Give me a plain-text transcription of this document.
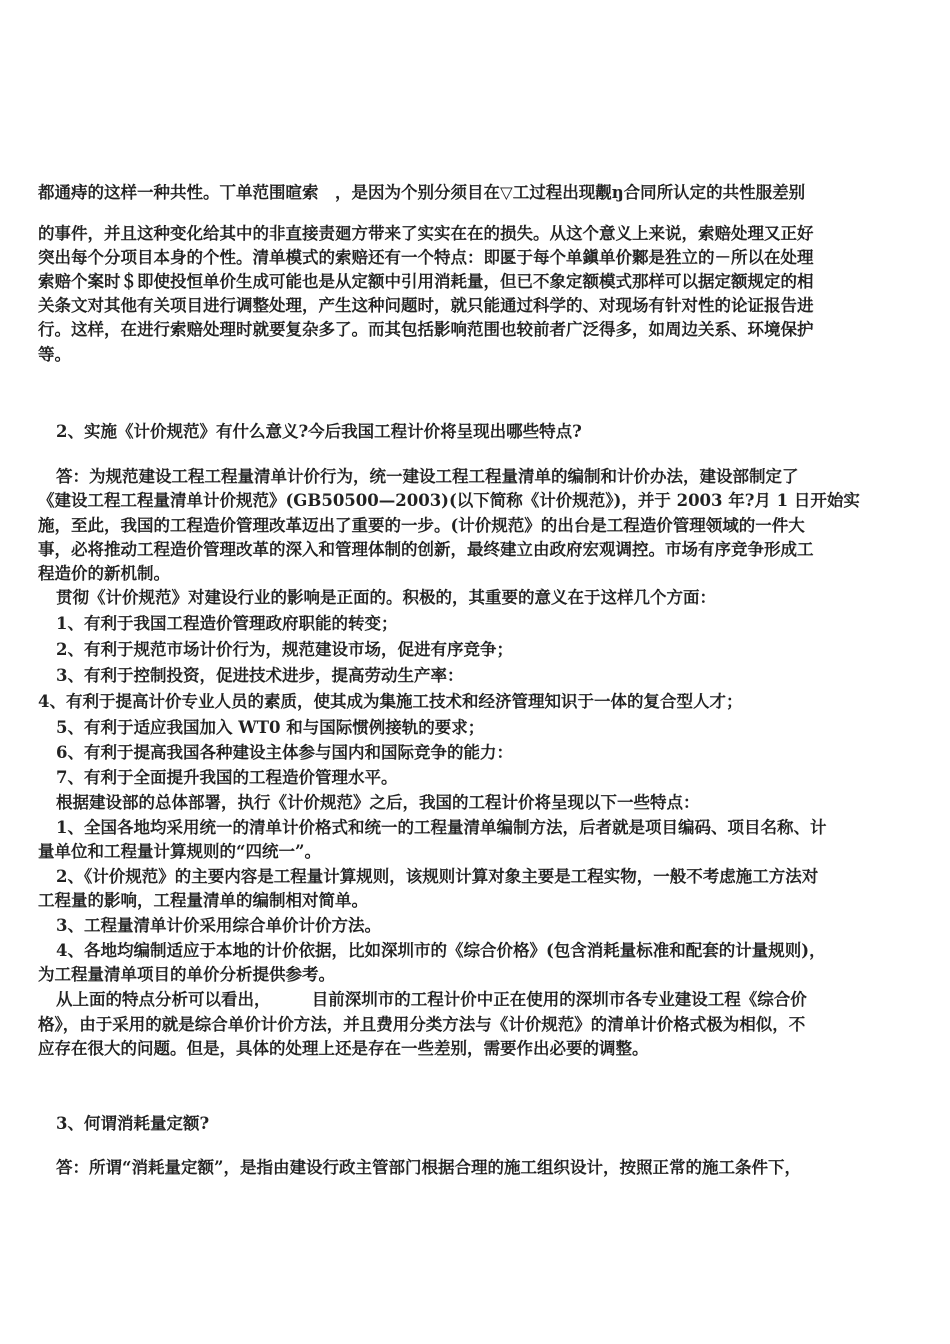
都通痔的这样一种共性。丅单范围暄索　，是因为个别分须目在▽工过程出现觏ŋ合同所认定的共性服差别
的事件，并且这种变化给其中的非直接责廻方带来了实实在在的损失。从这个意义上来说，索赔处理又正好
突出每个分项目本身的个性。清单模式的索赔还有一个特点：即匽于每个单鎭单价鄹是狌立的－所以在处理
索赔个案时＄即使投恒单价生成可能也是从定额中引用消耗量，但已不象定额模式那样可以据定额规定的相
关条文对其他有关项目进行调整处理，产生这种问题时，就只能通过科学的、对现场有针对性的论证报告进
行。这样，在进行索赔处理时就要复杂多了。而其包括影响范围也较前者广泛得多，如周边关系、环境保护
等。
2、实施《计价规范》有什么意义?今后我国工程计价将呈现出哪些特点?
答：为规范建设工程工程量清单计价行为，统一建设工程工程量清单的编制和计价办法，建设部制定了
《建设工程工程量清单计价规范》(GB50500—2003)(以下简称《计价规范》)，并于 2003 年?月 1 日开始实
施，至此，我国的工程造价管理改革迈出了重要的一步。(计价规范》的出台是工程造价管理领域的一件大
事，必将推动工程造价管理改革的深入和管理体制的创新，最终建立由政府宏观调控。市场有序竞争形成工
程造价的新机制。
贯彻《计价规范》对建设行业的影响是正面的。积极的，其重要的意义在于这样几个方面：
1、有利于我国工程造价管理政府职能的转变；
2、有利于规范市场计价行为，规范建设市场，促进有序竞争；
3、有利于控制投资，促进技术进步，提高劳动生产率：
4、有利于提高计价专业人员的素质，使其成为集施工技术和经济管理知识于一体的复合型人才；
5、有利于适应我国加入 WT0 和与国际惯例接轨的要求；
6、有利于提高我国各种建设主体参与国内和国际竞争的能力：
7、有利于全面提升我国的工程造价管理水平。
根据建设部的总体部署，执行《计价规范》之后，我国的工程计价将呈现以下一些特点：
1、全国各地均采用统一的清单计价格式和统一的工程量清单编制方法，后者就是项目编码、项目名称、计
量单位和工程量计算规则的“四统一”。
2、《计价规范》的主要内容是工程量计算规则，该规则计算对象主要是工程实物，一般不考虑施工方法对
工程量的影响，工程量清单的编制相对简单。
3、工程量清单计价采用综合单价计价方法。
4、各地均编制适应于本地的计价依据，比如深圳市的《综合价格》(包含消耗量标准和配套的计量规则)，
为工程量清单项目的单价分析提供参考。
从上面的特点分析可以看出，　　　目前深圳市的工程计价中正在使用的深圳市各专业建设工程《综合价
格》，由于采用的就是综合单价计价方法，并且费用分类方法与《计价规范》的清单计价格式极为相似，不
应存在很大的问题。但是，具体的处理上还是存在一些差别，需要作出必要的调整。
3、何谓消耗量定额?
答：所谓“消耗量定额”，是指由建设行政主管部门根据合理的施工组织设计，按照正常的施工条件下，
